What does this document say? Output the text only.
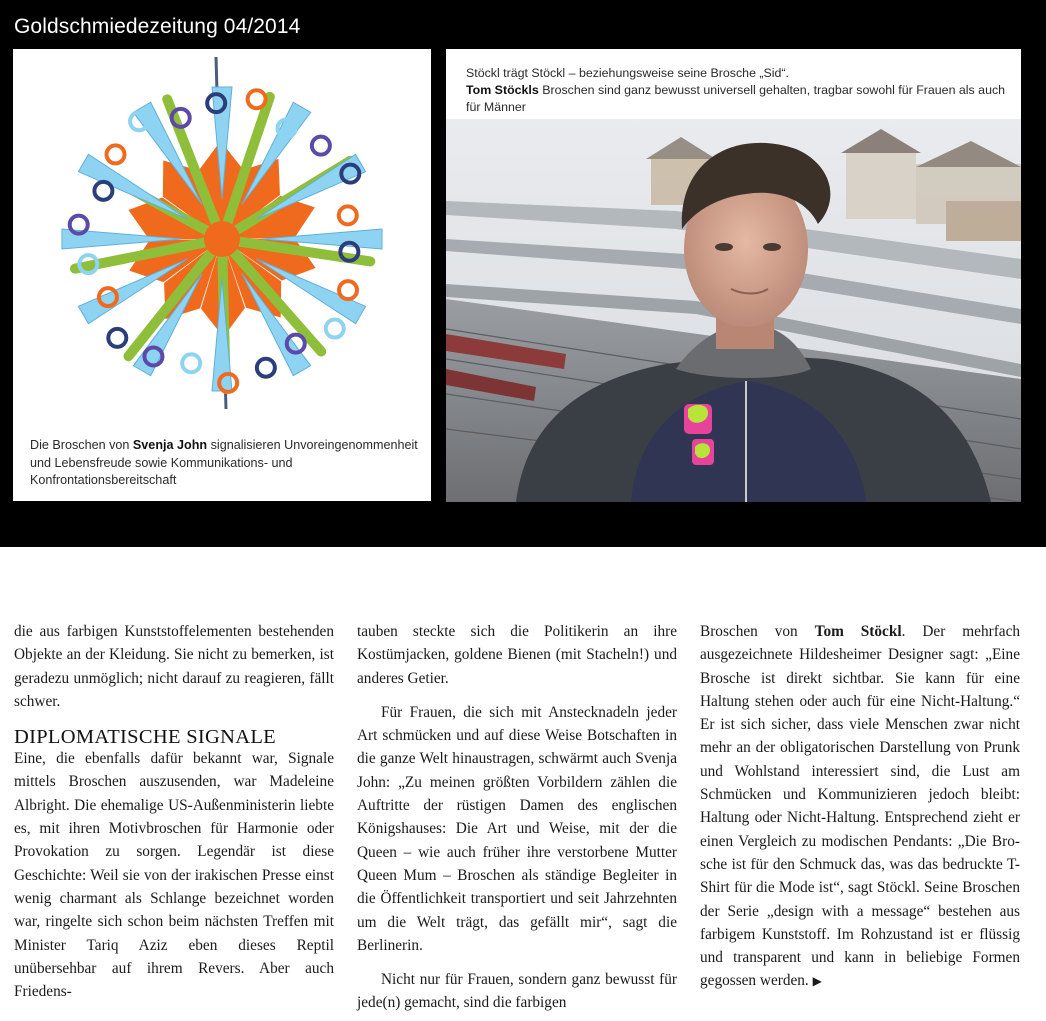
Goldschmiedezeitung 04/2014
Die Broschen von Svenja John signalisieren Unvoreingenommenheit und Lebensfreude sowie Kommunikations- und Konfrontationsbereitschaft
Stöckl trägt Stöckl – beziehungsweise seine Brosche „Sid“.
Tom Stöckls Broschen sind ganz bewusst universell gehalten, tragbar sowohl für Frauen als auch für Männer

die aus farbigen Kunststoffelementen bestehenden Objekte an der Kleidung. Sie nicht zu bemerken, ist geradezu unmöglich; nicht darauf zu reagieren, fällt schwer.

DIPLOMATISCHE SIGNALE

Eine, die ebenfalls dafür bekannt war, Signale mittels Broschen auszusenden, war Madeleine Albright. Die ehemalige US-Außenministerin liebte es, mit ihren Motivbroschen für Harmonie oder Provokation zu sorgen. Legendär ist diese Geschichte: Weil sie von der irakischen Presse einst wenig charmant als Schlange bezeichnet worden war, ringelte sich schon beim nächsten Treffen mit Minister Tariq Aziz eben dieses Reptil unübersehbar auf ihrem Revers. Aber auch Friedens-

tauben steckte sich die Politikerin an ihre Kostümjacken, goldene Bienen (mit Stacheln!) und anderes Getier.

Für Frauen, die sich mit Anstecknadeln jeder Art schmücken und auf diese Weise Botschaften in die ganze Welt hinaustragen, schwärmt auch Svenja John: „Zu meinen größten Vorbildern zählen die Auftritte der rüstigen Damen des englischen Königshauses: Die Art und Weise, mit der die Queen – wie auch früher ihre verstorbene Mutter Queen Mum – Broschen als ständige Begleiter in die Öffentlichkeit transportiert und seit Jahrzehnten um die Welt trägt, das gefällt mir“, sagt die Berlinerin.

Nicht nur für Frauen, sondern ganz bewusst für jede(n) gemacht, sind die farbigen

Broschen von Tom Stöckl. Der mehrfach ausgezeichnete Hildesheimer Designer sagt: „Eine Brosche ist direkt sichtbar. Sie kann für eine Haltung stehen oder auch für eine Nicht-Haltung.“ Er ist sich sicher, dass viele Menschen zwar nicht mehr an der obligatorischen Darstellung von Prunk und Wohlstand interessiert sind, die Lust am Schmücken und Kommunizieren jedoch bleibt: Haltung oder Nicht-Haltung. Entsprechend zieht er einen Vergleich zu modischen Pendants: „Die Brosche ist für den Schmuck das, was das bedruckte T-Shirt für die Mode ist“, sagt Stöckl. Seine Broschen der Serie „design with a message“ bestehen aus farbigem Kunststoff. Im Rohzustand ist er flüssig und transparent und kann in beliebige Formen gegossen werden. ▶
